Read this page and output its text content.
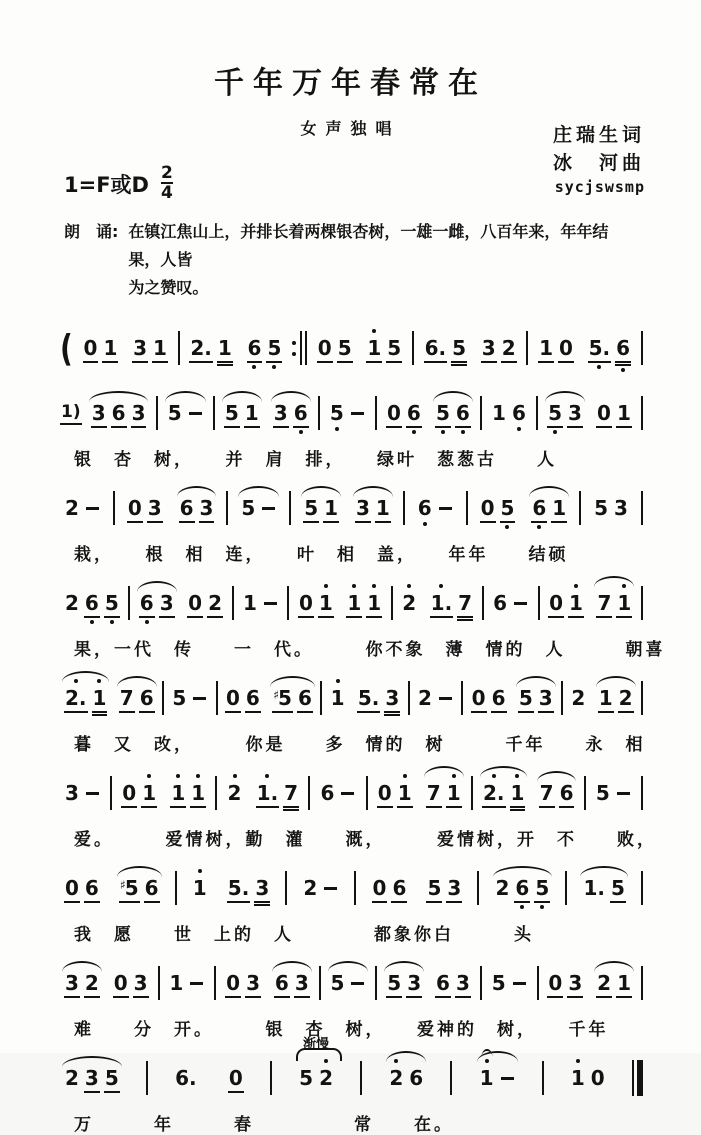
千年万年春常在
女声独唱	庄瑞生词
冰　河曲
sycjswsmp
1=F或D $\frac{2}{4}$
朗　诵: 在镇江焦山上，并排长着两棵银杏树，一雄一雌，八百年来，年年结果，人皆
为之赞叹。
( 0 1 3 1 2. 1 6 5 0 5 1 5 6. 5 3 2 1 0 5. 6
1) 3 6 3 5 5 1 3 6 5 0 6 5 6 1 6 5 3 0 1
银　杏　树，　　并　肩　排，　　绿叶　葱葱古　　人
2 0 3 6 3 5 5 1 3 1 6 0 5 6 1 5 3
栽，　　根　相　连，　　叶　相　盖，　　年年　　结硕
2 6 5 6 3 0 2 1 0 1 1 1 2 1. 7 6 0 1 7 1
果，一代　传　　一　代。　　　你不象　薄　情的　人　　　朝喜
2. 1 7 6 5 0 6 ♯5 6 1 5. 3 2 0 6 5 3 2 1 2
暮　又　改，　　　你是　　多　情的　树　　　千年　　永　相
3 0 1 1 1 2 1. 7 6 0 1 7 1 2. 1 7 6 5
爱。　　　爱情树，勤　灌　　溉，　　　爱情树，开　不　　败，
0 6 ♯5 6 1 5. 3 2	0 6 5 3 2 6 5 1. 5
我　愿　　世　上的　人　　　　都象你白　　　头
3 2 0 3 1 0 3 6 3 5 5 3 6 3 5 0 3 2 1
难　　分　开。　　　银　杏　树，　　爱神的　树，　　千年
2 3 5	6. 0
渐慢
5 2	2 6	1	1 0
万　　　年　　　春　　　　　常　　在。
